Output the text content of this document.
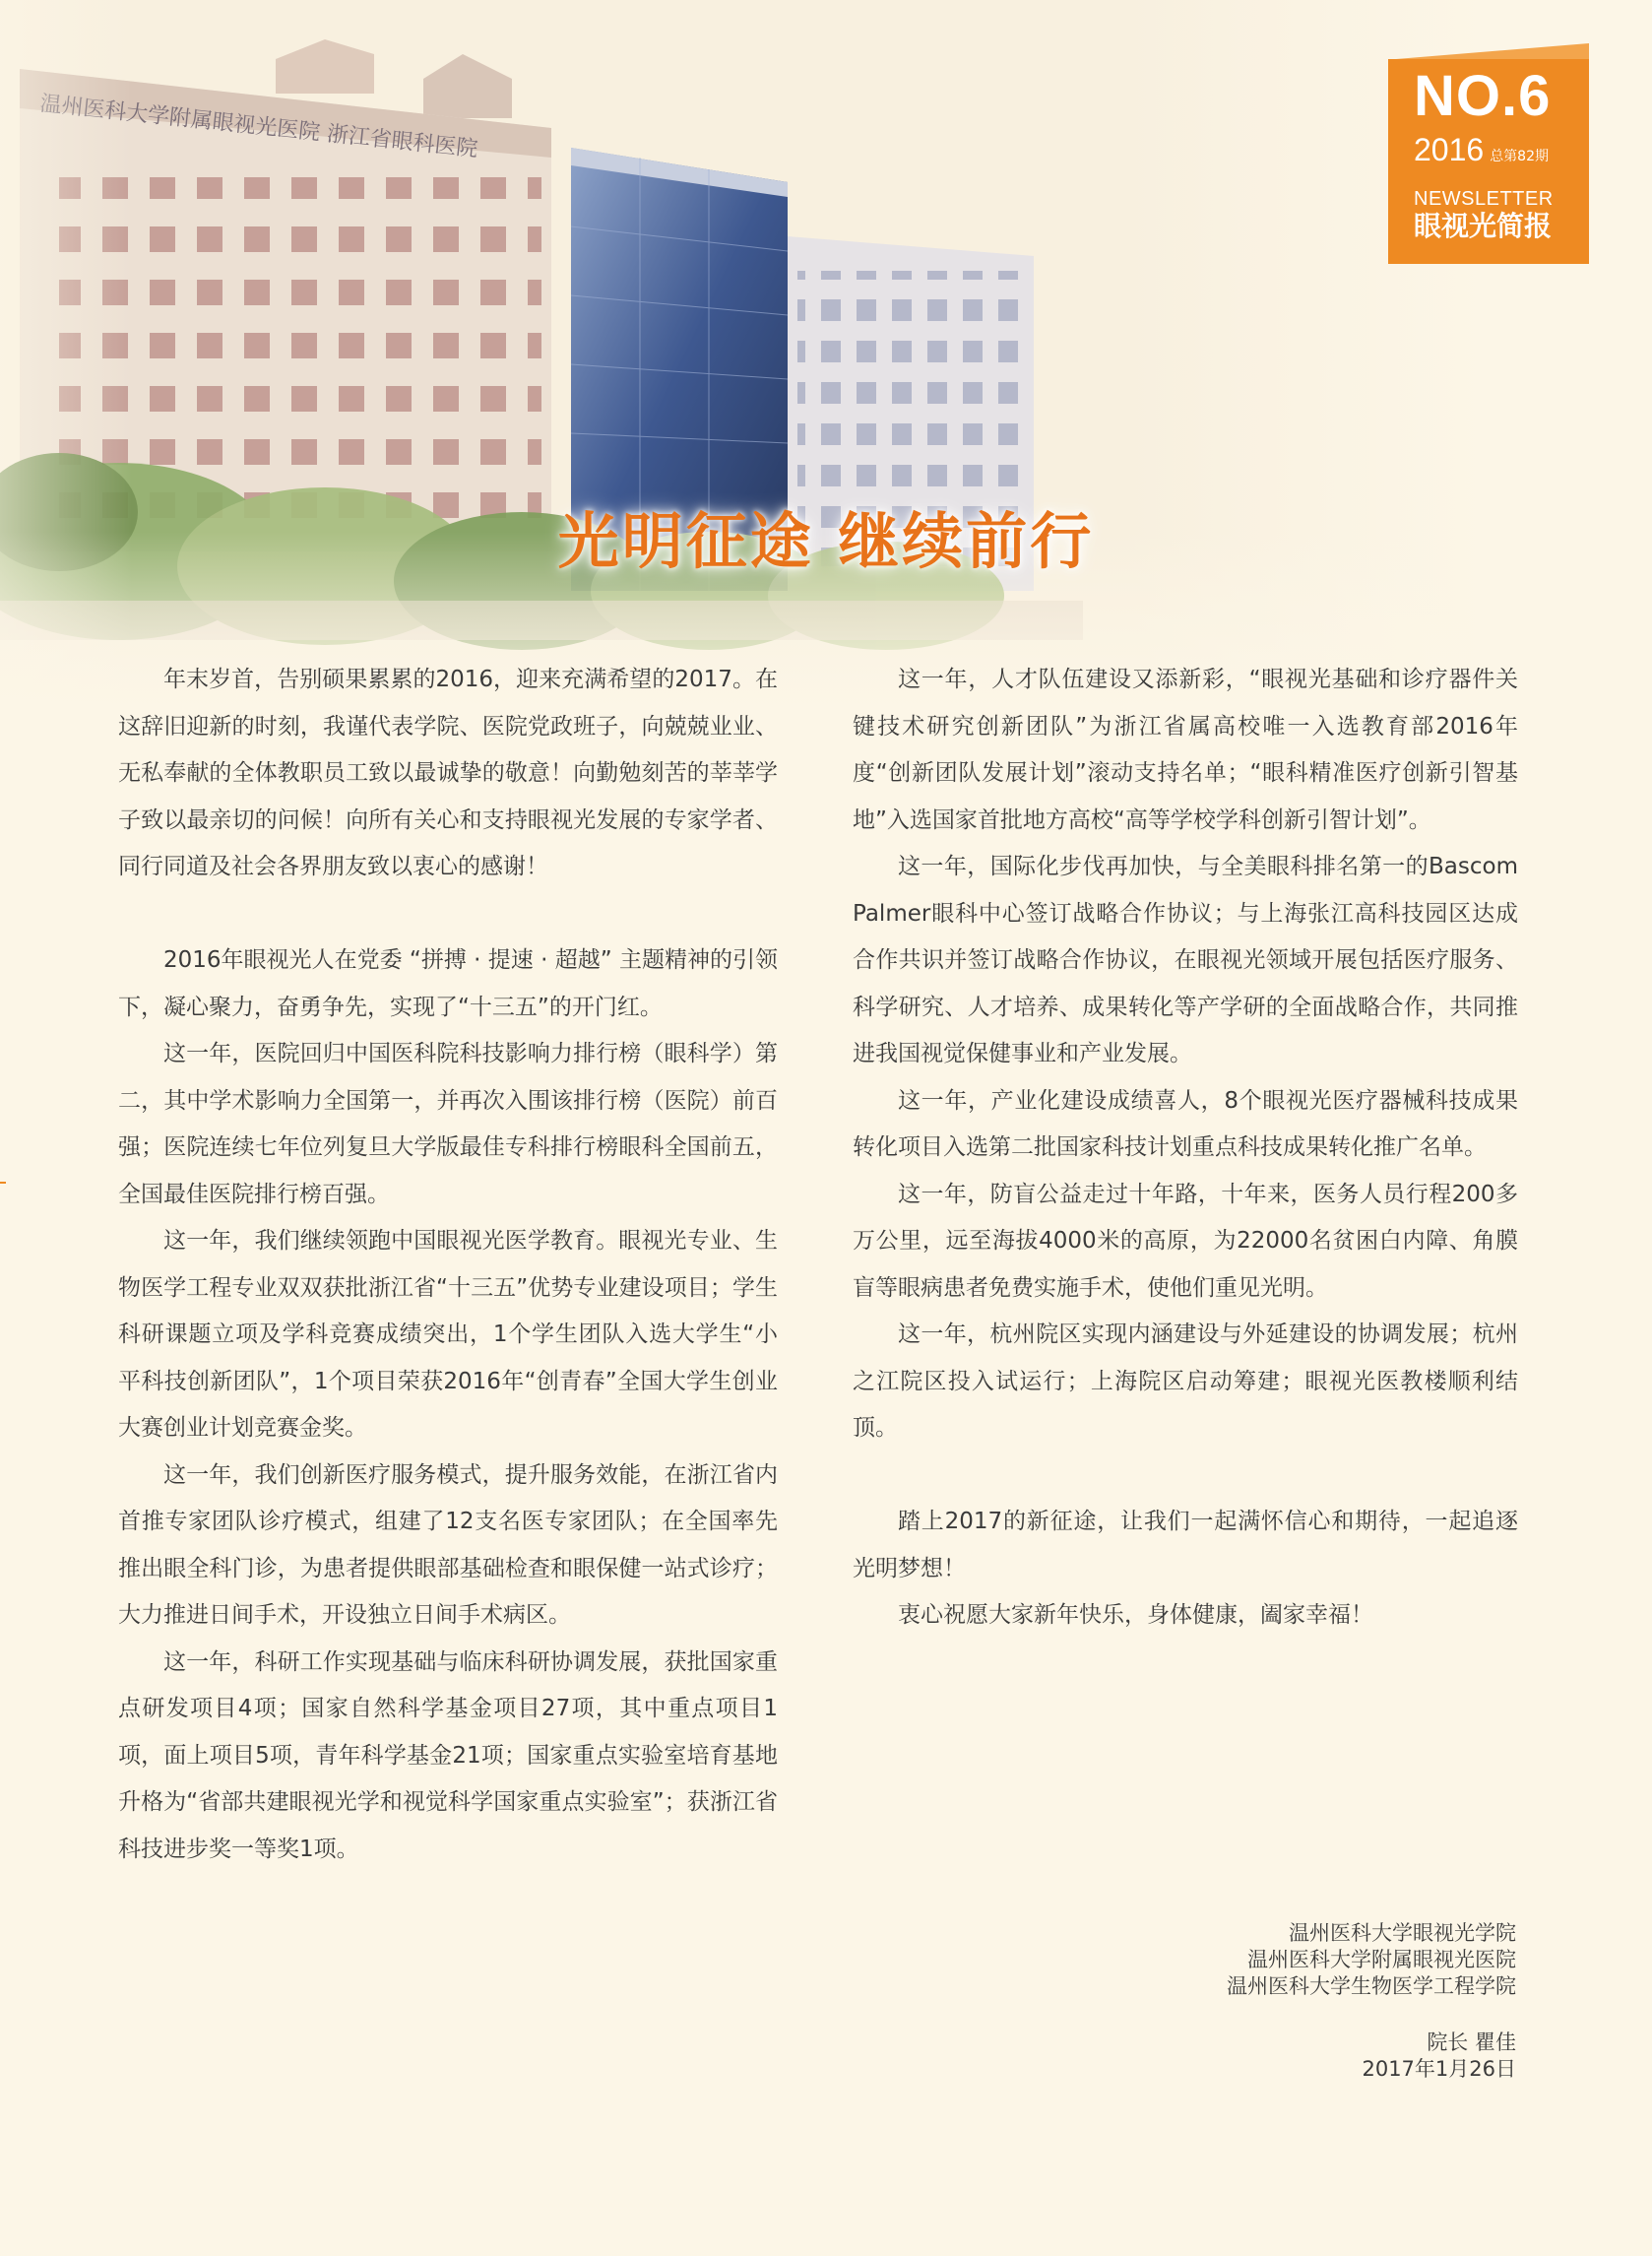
NO.6
2016 总第82期
NEWSLETTER
眼视光简报
光明征途 继续前行

年末岁首，告别硕果累累的2016，迎来充满希望的2017。在这辞旧迎新的时刻，我谨代表学院、医院党政班子，向兢兢业业、无私奉献的全体教职员工致以最诚挚的敬意！向勤勉刻苦的莘莘学子致以最亲切的问候！向所有关心和支持眼视光发展的专家学者、同行同道及社会各界朋友致以衷心的感谢！

2016年眼视光人在党委 “拼搏 · 提速 · 超越” 主题精神的引领下，凝心聚力，奋勇争先，实现了“十三五”的开门红。

这一年，医院回归中国医科院科技影响力排行榜（眼科学）第二，其中学术影响力全国第一，并再次入围该排行榜（医院）前百强；医院连续七年位列复旦大学版最佳专科排行榜眼科全国前五，全国最佳医院排行榜百强。

这一年，我们继续领跑中国眼视光医学教育。眼视光专业、生物医学工程专业双双获批浙江省“十三五”优势专业建设项目；学生科研课题立项及学科竞赛成绩突出，1个学生团队入选大学生“小平科技创新团队”，1个项目荣获2016年“创青春”全国大学生创业大赛创业计划竞赛金奖。

这一年，我们创新医疗服务模式，提升服务效能，在浙江省内首推专家团队诊疗模式，组建了12支名医专家团队；在全国率先推出眼全科门诊，为患者提供眼部基础检查和眼保健一站式诊疗；大力推进日间手术，开设独立日间手术病区。

这一年，科研工作实现基础与临床科研协调发展，获批国家重点研发项目4项；国家自然科学基金项目27项，其中重点项目1项，面上项目5项，青年科学基金21项；国家重点实验室培育基地升格为“省部共建眼视光学和视觉科学国家重点实验室”；获浙江省科技进步奖一等奖1项。

这一年，人才队伍建设又添新彩，“眼视光基础和诊疗器件关键技术研究创新团队”为浙江省属高校唯一入选教育部2016年度“创新团队发展计划”滚动支持名单；“眼科精准医疗创新引智基地”入选国家首批地方高校“高等学校学科创新引智计划”。

这一年，国际化步伐再加快，与全美眼科排名第一的Bascom Palmer眼科中心签订战略合作协议；与上海张江高科技园区达成合作共识并签订战略合作协议，在眼视光领域开展包括医疗服务、科学研究、人才培养、成果转化等产学研的全面战略合作，共同推进我国视觉保健事业和产业发展。

这一年，产业化建设成绩喜人，8个眼视光医疗器械科技成果转化项目入选第二批国家科技计划重点科技成果转化推广名单。

这一年，防盲公益走过十年路，十年来，医务人员行程200多万公里，远至海拔4000米的高原，为22000名贫困白内障、角膜盲等眼病患者免费实施手术，使他们重见光明。

这一年，杭州院区实现内涵建设与外延建设的协调发展；杭州之江院区投入试运行；上海院区启动筹建；眼视光医教楼顺利结顶。

踏上2017的新征途，让我们一起满怀信心和期待，一起追逐光明梦想！

衷心祝愿大家新年快乐，身体健康，阖家幸福！

温州医科大学眼视光学院
温州医科大学附属眼视光医院
温州医科大学生物医学工程学院
院长 瞿佳
2017年1月26日
